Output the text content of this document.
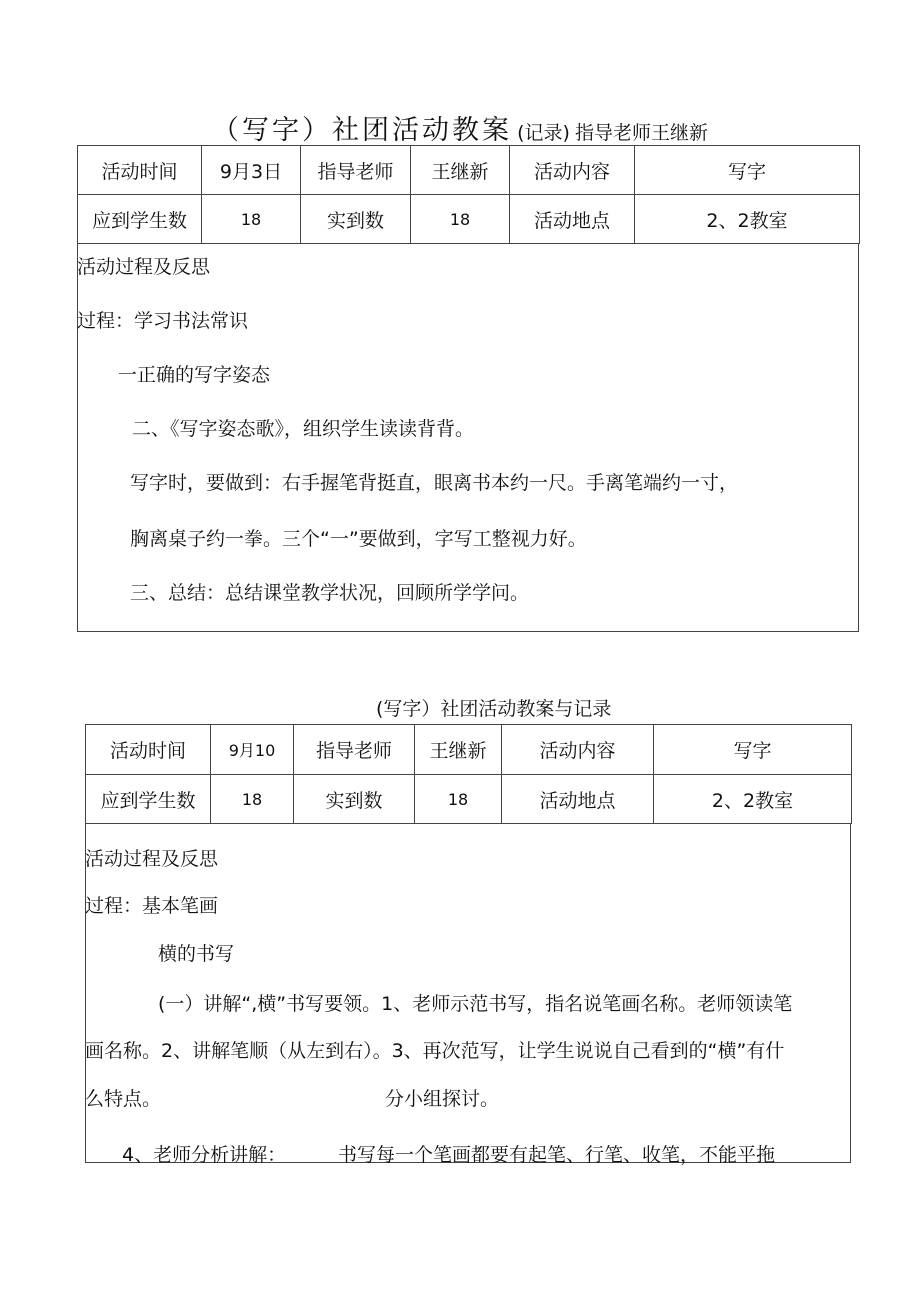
（写字）社团活动教案 (记录) 指导老师王继新
活动时间	9月3日	指导老师	王继新	活动内容	写字
应到学生数	18	实到数	18	活动地点	2、2教室
活动过程及反思
过程：学习书法常识
一正确的写字姿态
二、《写字姿态歌》，组织学生读读背背。
写字时，要做到：右手握笔背挺直，眼离书本约一尺。手离笔端约一寸，
胸离桌子约一拳。三个“一”要做到，字写工整视力好。
三、总结：总结课堂教学状况，回顾所学学问。
(写字）社团活动教案与记录
活动时间	9月10	指导老师	王继新	活动内容	写字
应到学生数	18	实到数	18	活动地点	2、2教室
活动过程及反思
过程：基本笔画
横的书写
(一）讲解“,横”书写要领。1、老师示范书写，指名说笔画名称。老师领读笔
画名称。2、讲解笔顺（从左到右）。3、再次范写，让学生说说自己看到的“横”有什
么特点。	分小组探讨。
4、老师分析讲解：	书写每一个笔画都要有起笔、行笔、收笔，不能平拖
